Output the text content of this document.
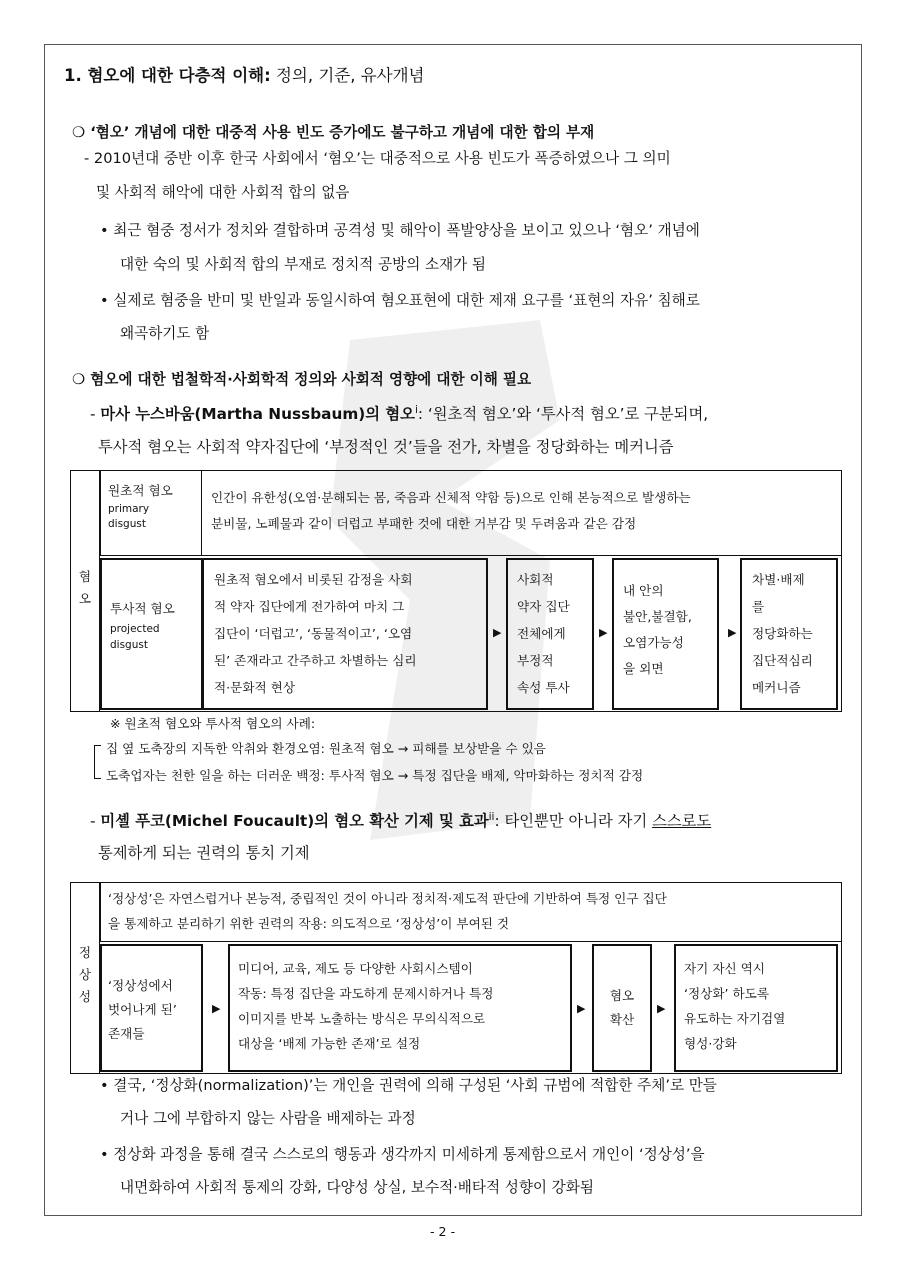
1. 혐오에 대한 다층적 이해: 정의, 기준, 유사개념
❍ ‘혐오’ 개념에 대한 대중적 사용 빈도 증가에도 불구하고 개념에 대한 합의 부재
- 2010년대 중반 이후 한국 사회에서 ‘혐오’는 대중적으로 사용 빈도가 폭증하였으나 그 의미
및 사회적 해악에 대한 사회적 합의 없음
• 최근 혐중 정서가 정치와 결합하며 공격성 및 해악이 폭발양상을 보이고 있으나 ‘혐오’ 개념에
대한 숙의 및 사회적 합의 부재로 정치적 공방의 소재가 됨
• 실제로 혐중을 반미 및 반일과 동일시하여 혐오표현에 대한 제재 요구를 ‘표현의 자유’ 침해로
왜곡하기도 함
❍ 혐오에 대한 법철학적·사회학적 정의와 사회적 영향에 대한 이해 필요
- 마사 누스바움(Martha Nussbaum)의 혐오$^i$: ‘원초적 혐오’와 ‘투사적 혐오’로 구분되며,
투사적 혐오는 사회적 약자집단에 ‘부정적인 것’들을 전가, 차별을 정당화하는 메커니즘
혐
오
원초적 혐오
primary
disgust
인간이 유한성(오염·분해되는 몸, 죽음과 신체적 약함 등)으로 인해 본능적으로 발생하는
분비물, 노폐물과 같이 더럽고 부패한 것에 대한 거부감 및 두려움과 같은 감정
투사적 혐오
projected
disgust
원초적 혐오에서 비롯된 감정을 사회
적 약자 집단에게 전가하여 마치 그
집단이 ‘더럽고’, ‘동물적이고’, ‘오염
된’ 존재라고 간주하고 차별하는 심리
적·문화적 현상
▶
사회적
약자 집단
전체에게
부정적
속성 투사
▶
내 안의
불안,불결함,
오염가능성
을 외면
▶
차별·배제
를
정당화하는
집단적심리
메커니즘
※ 원초적 혐오와 투사적 혐오의 사례:
집 옆 도축장의 지독한 악취와 환경오염: 원초적 혐오 → 피해를 보상받을 수 있음
도축업자는 천한 일을 하는 더러운 백정: 투사적 혐오 → 특정 집단을 배제, 악마화하는 정치적 감정
- 미셸 푸코(Michel Foucault)의 혐오 확산 기제 및 효과$^{ii}$: 타인뿐만 아니라 자기 스스로도
통제하게 되는 권력의 통치 기제
정
상
성
‘정상성’은 자연스럽거나 본능적, 중립적인 것이 아니라 정치적·제도적 판단에 기반하여 특정 인구 집단
을 통제하고 분리하기 위한 권력의 작용: 의도적으로 ‘정상성’이 부여된 것
‘정상성에서
벗어나게 된’
존재들
▶
미디어, 교육, 제도 등 다양한 사회시스템이
작동: 특정 집단을 과도하게 문제시하거나 특정
이미지를 반복 노출하는 방식은 무의식적으로
대상을 ‘배제 가능한 존재’로 설정
▶
혐오
확산
▶
자기 자신 역시
‘정상화’ 하도록
유도하는 자기검열
형성·강화
• 결국, ‘정상화(normalization)’는 개인을 권력에 의해 구성된 ‘사회 규범에 적합한 주체’로 만들
거나 그에 부합하지 않는 사람을 배제하는 과정
• 정상화 과정을 통해 결국 스스로의 행동과 생각까지 미세하게 통제함으로서 개인이 ‘정상성’을
내면화하여 사회적 통제의 강화, 다양성 상실, 보수적·배타적 성향이 강화됨
- 2 -
